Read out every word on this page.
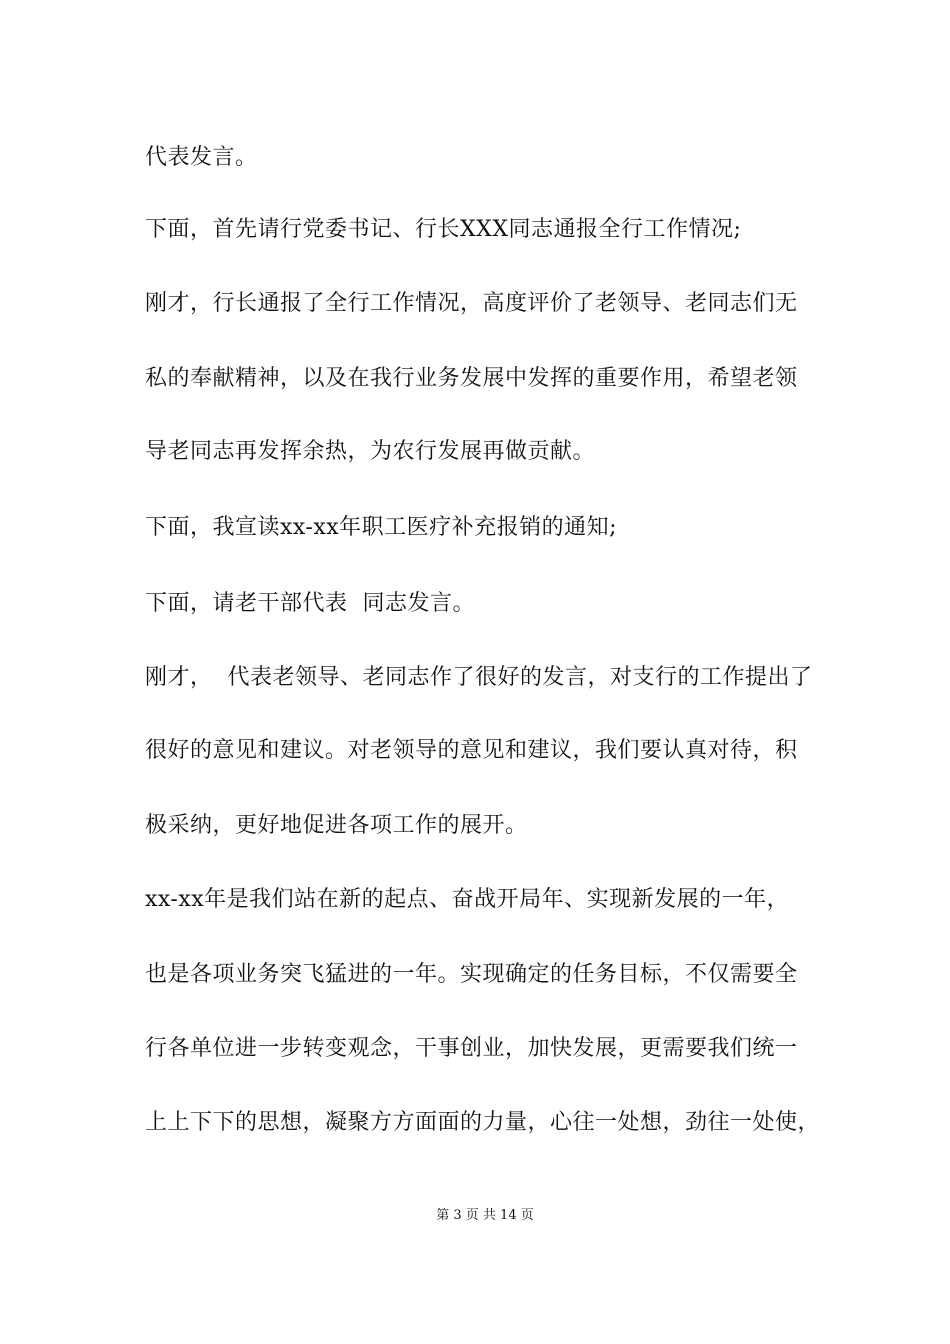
代表发言。
下面，首先请行党委书记、行长XXX同志通报全行工作情况;
刚才，行长通报了全行工作情况，高度评价了老领导、老同志们无
私的奉献精神，以及在我行业务发展中发挥的重要作用，希望老领
导老同志再发挥余热，为农行发展再做贡献。
下面，我宣读xx-xx年职工医疗补充报销的通知;
下面，请老干部代表  同志发言。
刚才，  代表老领导、老同志作了很好的发言，对支行的工作提出了
很好的意见和建议。对老领导的意见和建议，我们要认真对待，积
极采纳，更好地促进各项工作的展开。
xx-xx年是我们站在新的起点、奋战开局年、实现新发展的一年，
也是各项业务突飞猛进的一年。实现确定的任务目标，不仅需要全
行各单位进一步转变观念，干事创业，加快发展，更需要我们统一
上上下下的思想，凝聚方方面面的力量，心往一处想，劲往一处使，
第 3 页 共 14 页
